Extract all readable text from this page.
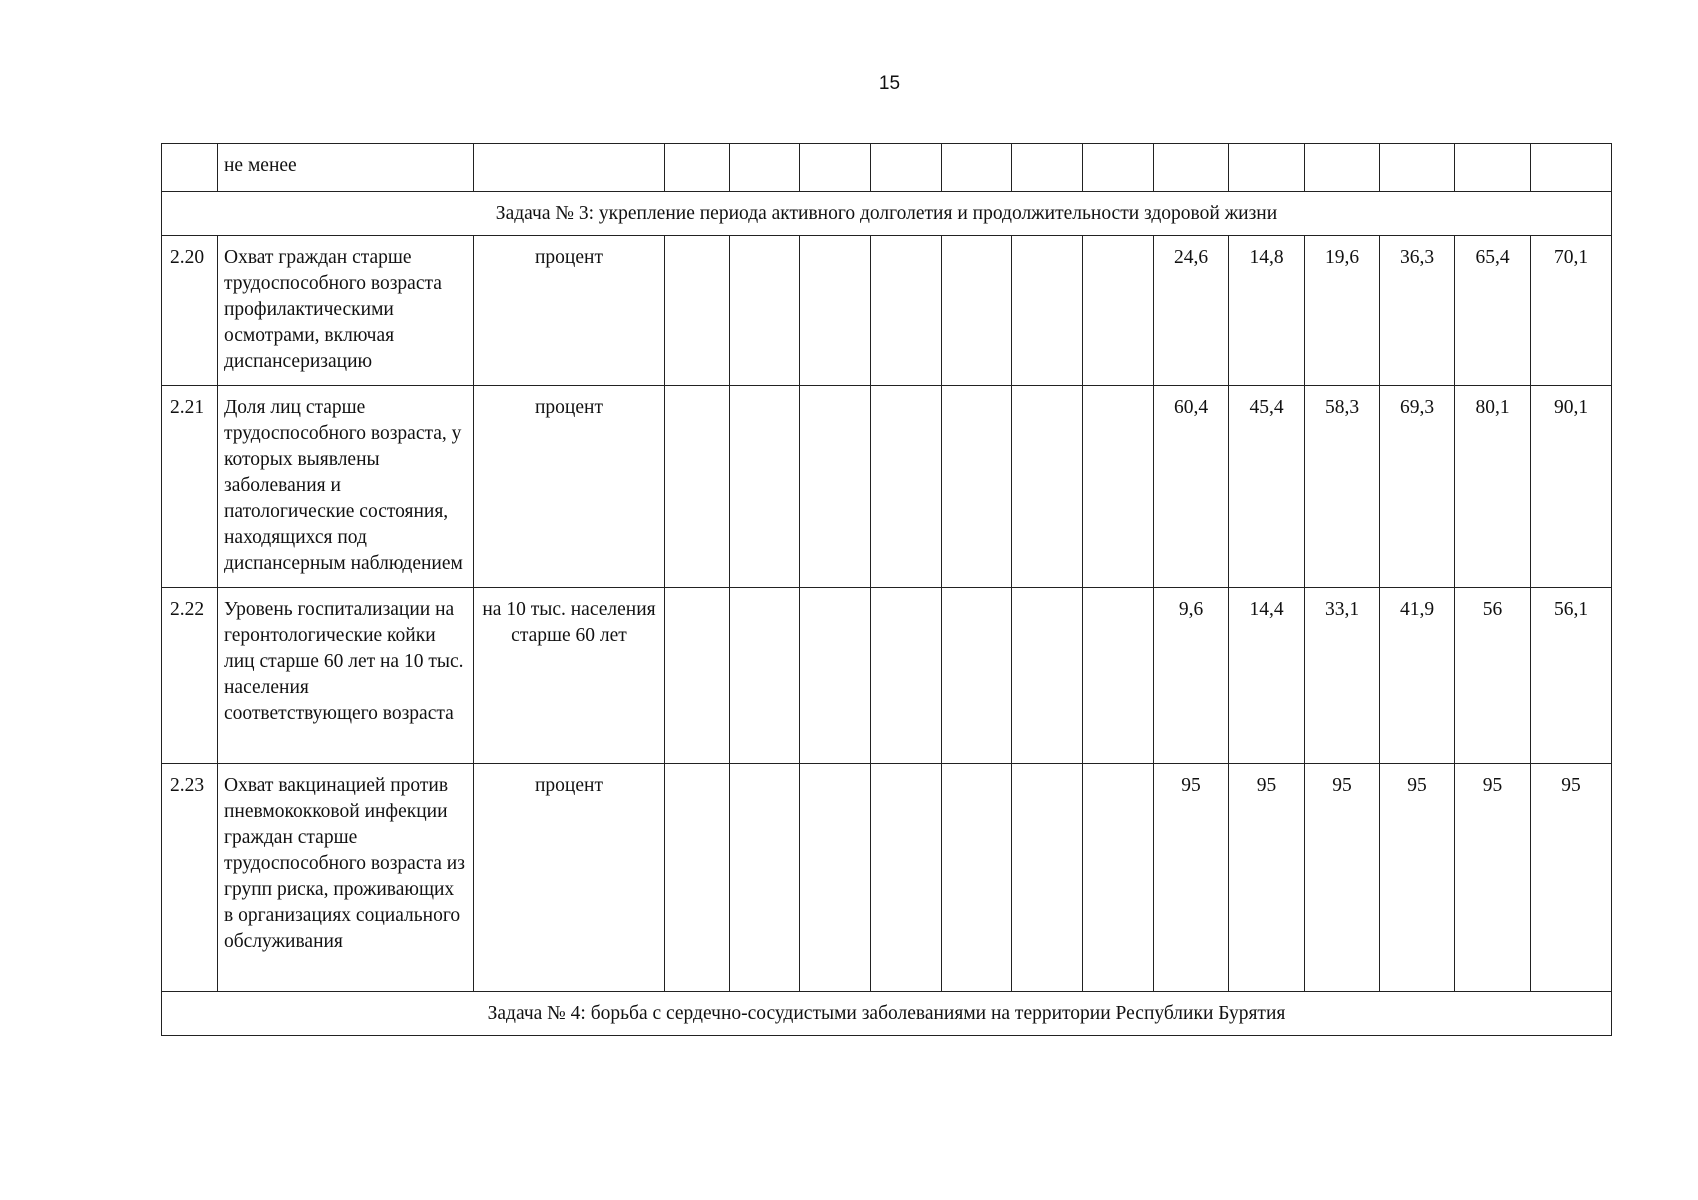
15
	не менее														
Задача № 3: укрепление периода активного долголетия и продолжительности здоровой жизни															
2.20	Охват граждан старше трудоспособного возраста профилактическими осмотрами, включая диспансеризацию	процент								24,6	14,8	19,6	36,3	65,4	70,1
2.21	Доля лиц старше трудоспособного возраста, у которых выявлены заболевания и патологические состояния, находящихся под диспансерным наблюдением	процент								60,4	45,4	58,3	69,3	80,1	90,1
2.22	Уровень госпитализации на геронтологические койки лиц старше 60 лет на 10 тыс. населения соответствующего возраста	на 10 тыс. населения старше 60 лет								9,6	14,4	33,1	41,9	56	56,1
2.23	Охват вакцинацией против пневмококковой инфекции граждан старше трудоспособного возраста из групп риска, проживающих в организациях социального обслуживания	процент								95	95	95	95	95	95
Задача № 4: борьба с сердечно-сосудистыми заболеваниями на территории Республики Бурятия															
